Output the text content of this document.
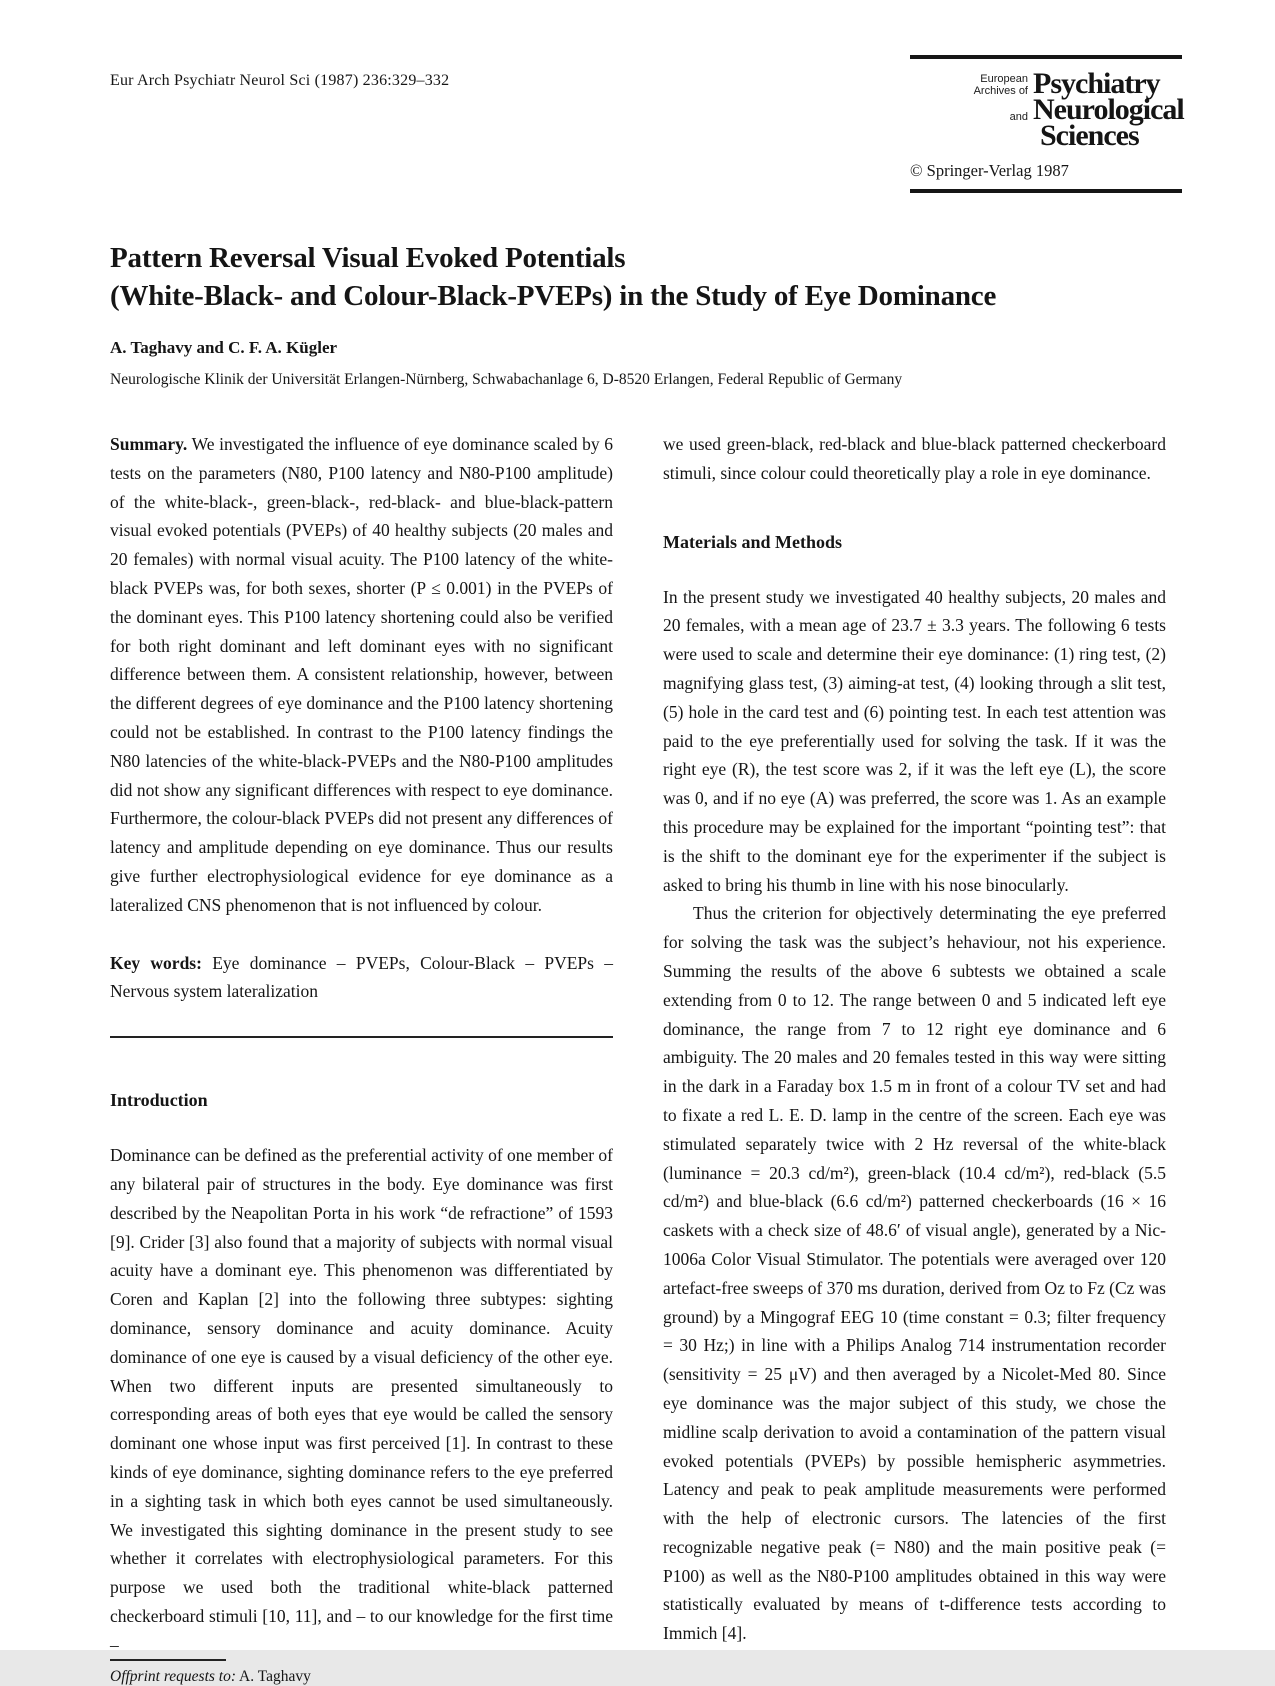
Eur Arch Psychiatr Neurol Sci (1987) 236:329–332	European
Archives of Psychiatry
and Neurological
Sciences
© Springer-Verlag 1987
Pattern Reversal Visual Evoked Potentials
(White-Black- and Colour-Black-PVEPs) in the Study of Eye Dominance
A. Taghavy and C. F. A. Kügler
Neurologische Klinik der Universität Erlangen-Nürnberg, Schwabachanlage 6, D-8520 Erlangen, Federal Republic of Germany

Summary. We investigated the influence of eye dominance scaled by 6 tests on the parameters (N80, P100 latency and N80-P100 amplitude) of the white-black-, green-black-, red-black- and blue-black-pattern visual evoked potentials (PVEPs) of 40 healthy subjects (20 males and 20 females) with normal visual acuity. The P100 latency of the white-black PVEPs was, for both sexes, shorter (P ≤ 0.001) in the PVEPs of the dominant eyes. This P100 latency shortening could also be verified for both right dominant and left dominant eyes with no significant difference between them. A consistent relationship, however, between the different degrees of eye dominance and the P100 latency shortening could not be established. In contrast to the P100 latency findings the N80 latencies of the white-black-PVEPs and the N80-P100 amplitudes did not show any significant differences with respect to eye dominance. Furthermore, the colour-black PVEPs did not present any differences of latency and amplitude depending on eye dominance. Thus our results give further electrophysiological evidence for eye dominance as a lateralized CNS phenomenon that is not influenced by colour.

Key words: Eye dominance – PVEPs, Colour-Black – PVEPs – Nervous system lateralization

Introduction

Dominance can be defined as the preferential activity of one member of any bilateral pair of structures in the body. Eye dominance was first described by the Neapolitan Porta in his work “de refractione” of 1593 [9]. Crider [3] also found that a majority of subjects with normal visual acuity have a dominant eye. This phenomenon was differentiated by Coren and Kaplan [2] into the following three subtypes: sighting dominance, sensory dominance and acuity dominance. Acuity dominance of one eye is caused by a visual deficiency of the other eye. When two different inputs are presented simultaneously to corresponding areas of both eyes that eye would be called the sensory dominant one whose input was first perceived [1]. In contrast to these kinds of eye dominance, sighting dominance refers to the eye preferred in a sighting task in which both eyes cannot be used simultaneously. We investigated this sighting dominance in the present study to see whether it correlates with electrophysiological parameters. For this purpose we used both the traditional white-black patterned checkerboard stimuli [10, 11], and – to our knowledge for the first time –

Offprint requests to: A. Taghavy

we used green-black, red-black and blue-black patterned checkerboard stimuli, since colour could theoretically play a role in eye dominance.

Materials and Methods

In the present study we investigated 40 healthy subjects, 20 males and 20 females, with a mean age of 23.7 ± 3.3 years. The following 6 tests were used to scale and determine their eye dominance: (1) ring test, (2) magnifying glass test, (3) aiming-at test, (4) looking through a slit test, (5) hole in the card test and (6) pointing test. In each test attention was paid to the eye preferentially used for solving the task. If it was the right eye (R), the test score was 2, if it was the left eye (L), the score was 0, and if no eye (A) was preferred, the score was 1. As an example this procedure may be explained for the important “pointing test”: that is the shift to the dominant eye for the experimenter if the subject is asked to bring his thumb in line with his nose binocularly.

Thus the criterion for objectively determinating the eye preferred for solving the task was the subject’s hehaviour, not his experience. Summing the results of the above 6 subtests we obtained a scale extending from 0 to 12. The range between 0 and 5 indicated left eye dominance, the range from 7 to 12 right eye dominance and 6 ambiguity. The 20 males and 20 females tested in this way were sitting in the dark in a Faraday box 1.5 m in front of a colour TV set and had to fixate a red L. E. D. lamp in the centre of the screen. Each eye was stimulated separately twice with 2 Hz reversal of the white-black (luminance = 20.3 cd/m²), green-black (10.4 cd/m²), red-black (5.5 cd/m²) and blue-black (6.6 cd/m²) patterned checkerboards (16 × 16 caskets with a check size of 48.6′ of visual angle), generated by a Nic-1006a Color Visual Stimulator. The potentials were averaged over 120 artefact-free sweeps of 370 ms duration, derived from Oz to Fz (Cz was ground) by a Mingograf EEG 10 (time constant = 0.3; filter frequency = 30 Hz;) in line with a Philips Analog 714 instrumentation recorder (sensitivity = 25 μV) and then averaged by a Nicolet-Med 80. Since eye dominance was the major subject of this study, we chose the midline scalp derivation to avoid a contamination of the pattern visual evoked potentials (PVEPs) by possible hemispheric asymmetries. Latency and peak to peak amplitude measurements were performed with the help of electronic cursors. The latencies of the first recognizable negative peak (= N80) and the main positive peak (= P100) as well as the N80-P100 amplitudes obtained in this way were statistically evaluated by means of t-difference tests according to Immich [4].
